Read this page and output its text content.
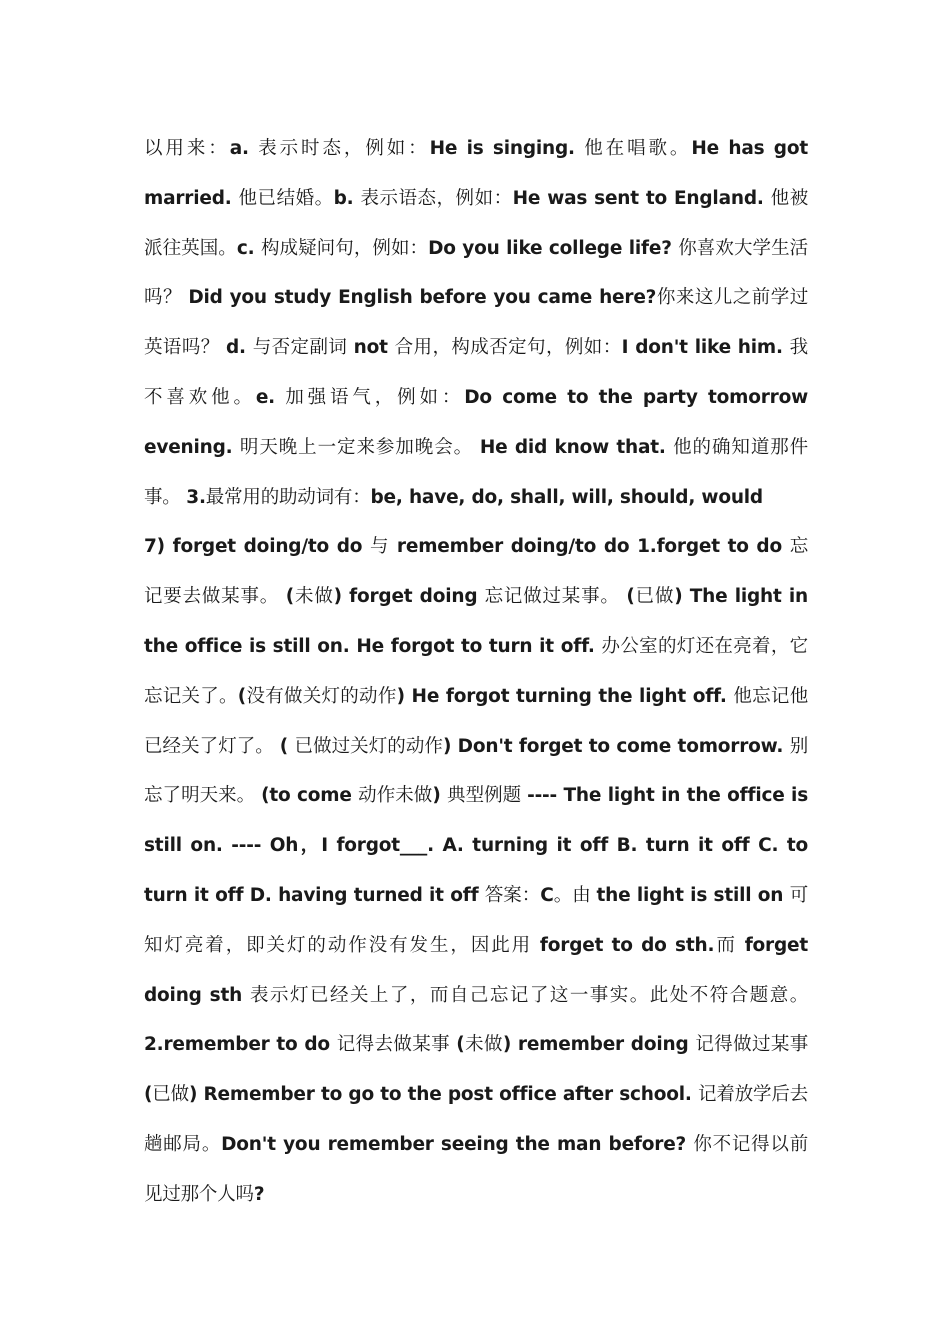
以用来：a. 表示时态，例如：He is singing. 他在唱歌。He has got married. 他已结婚。b. 表示语态，例如：He was sent to England. 他被派往英国。c. 构成疑问句，例如：Do you like college life? 你喜欢大学生活吗？ Did you study English before you came here?你来这儿之前学过英语吗？ d. 与否定副词 not 合用，构成否定句，例如：I don't like him. 我不喜欢他。e. 加强语气，例如：Do come to the party tomorrow evening. 明天晚上一定来参加晚会。 He did know that. 他的确知道那件事。 3.最常用的助动词有：be, have, do, shall, will, should, would

7) forget doing/to do 与 remember doing/to do 1.forget to do 忘记要去做某事。 (未做) forget doing 忘记做过某事。 (已做) The light in the office is still on. He forgot to turn it off. 办公室的灯还在亮着，它忘记关了。(没有做关灯的动作) He forgot turning the light off. 他忘记他已经关了灯了。 ( 已做过关灯的动作) Don't forget to come tomorrow. 别忘了明天来。 (to come 动作未做) 典型例题 ---- The light in the office is still on. ---- Oh，I forgot___. A. turning it off B. turn it off C. to turn it off D. having turned it off 答案：C。由 the light is still on 可知灯亮着，即关灯的动作没有发生，因此用 forget to do sth.而 forget doing sth 表示灯已经关上了，而自己忘记了这一事实。此处不符合题意。2.remember to do 记得去做某事 (未做) remember doing 记得做过某事 (已做) Remember to go to the post office after school. 记着放学后去趟邮局。Don't you remember seeing the man before? 你不记得以前见过那个人吗?
